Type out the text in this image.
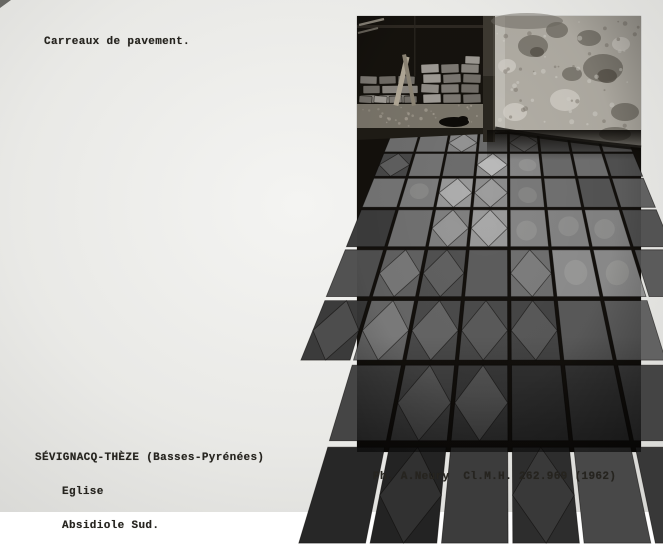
Carreaux de pavement.

SÉVIGNACQ-THÈZE (Basses-Pyrénées)

Eglise

Absidiole Sud.

Ph. A.Neury  Cl.M.H. 262.969 (1962)
